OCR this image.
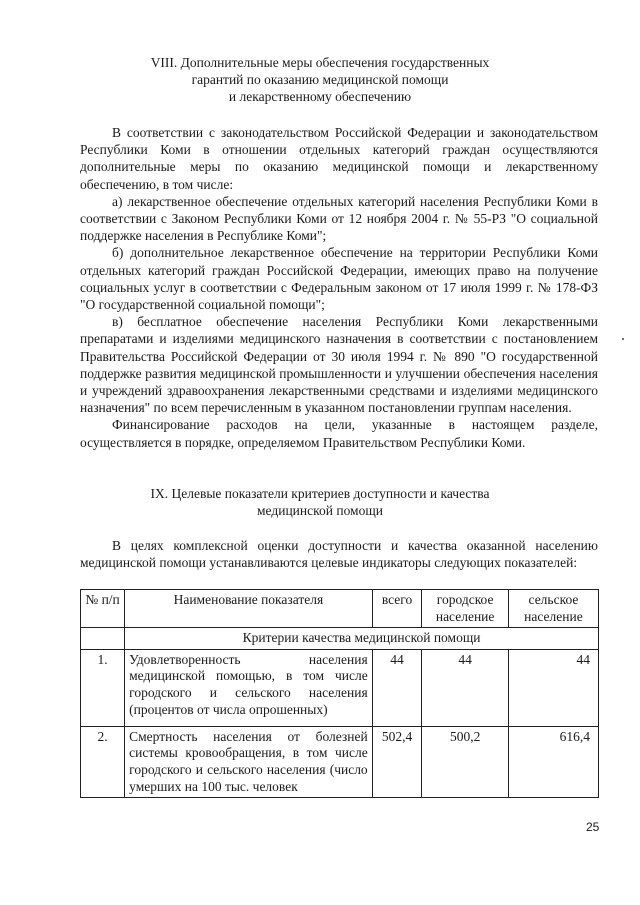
VIII. Дополнительные меры обеспечения государственных
гарантий по оказанию медицинской помощи
и лекарственному обеспечению

В соответствии с законодательством Российской Федерации и законодательством Республики Коми в отношении отдельных категорий граждан осуществляются дополнительные меры по оказанию медицинской помощи и лекарственному обеспечению, в том числе:

а) лекарственное обеспечение отдельных категорий населения Республики Коми в соответствии с Законом Республики Коми от 12 ноября 2004 г. № 55-РЗ "О социальной поддержке населения в Республике Коми";

б) дополнительное лекарственное обеспечение на территории Республики Коми отдельных категорий граждан Российской Федерации, имеющих право на получение социальных услуг в соответствии с Федеральным законом от 17 июля 1999 г. № 178-ФЗ "О государственной социальной помощи";

в) бесплатное обеспечение населения Республики Коми лекарственными препаратами и изделиями медицинского назначения в соответствии с постановлением Правительства Российской Федерации от 30 июля 1994 г. № 890 "О государственной поддержке развития медицинской промышленности и улучшении обеспечения населения и учреждений здравоохранения лекарственными средствами и изделиями медицинского назначения" по всем перечисленным в указанном постановлении группам населения.

Финансирование расходов на цели, указанные в настоящем разделе, осуществляется в порядке, определяемом Правительством Республики Коми.

IX. Целевые показатели критериев доступности и качества
медицинской помощи

В целях комплексной оценки доступности и качества оказанной населению медицинской помощи устанавливаются целевые индикаторы следующих показателей:

№ п/п	Наименование показателя	всего	городское население	сельское население
	Критерии качества медицинской помощи			
1.	Удовлетворенность населения медицинской помощью, в том числе городского и сельского населения (процентов от числа опрошенных)	44	44	44
2.	Смертность населения от болезней системы кровообращения, в том числе городского и сельского населения (число умерших на 100 тыс. человек	502,4	500,2	616,4
25
